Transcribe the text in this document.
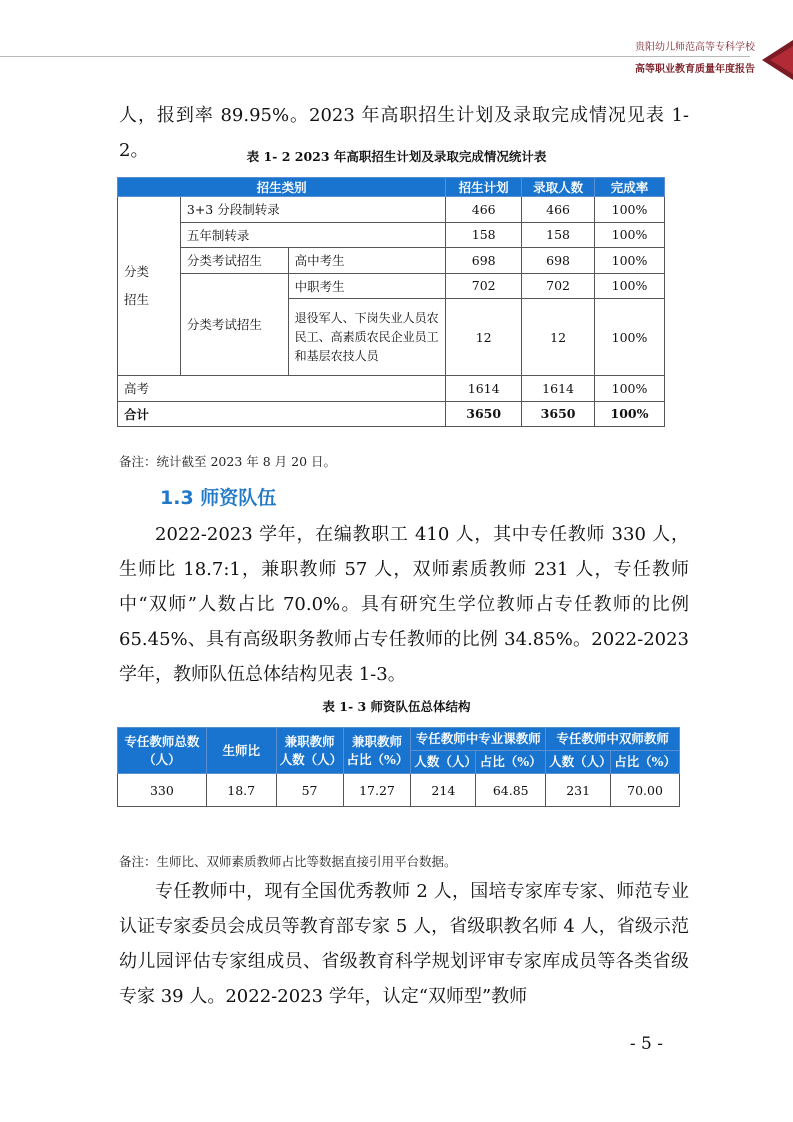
贵阳幼儿师范高等专科学校
高等职业教育质量年度报告
人，报到率 89.95%。2023 年高职招生计划及录取完成情况见表 1-2。	表 1- 2 2023 年高职招生计划及录取完成情况统计表
招生类别			招生计划	录取人数	完成率
分类
招生	3+3 分段制转录		466	466	100%
	五年制转录		158	158	100%
	分类考试招生	高中考生	698	698	100%
	分类考试招生	中职考生	702	702	100%
		退役军人、下岗失业人员农民工、高素质农民企业员工和基层农技人员	12	12	100%
高考			1614	1614	100%
合计			3650	3650	100%
备注：统计截至 2023 年 8 月 20 日。
1.3 师资队伍
2022-2023 学年，在编教职工 410 人，其中专任教师 330 人，生师比 18.7:1，兼职教师 57 人，双师素质教师 231 人，专任教师中“双师”人数占比 70.0%。具有研究生学位教师占专任教师的比例 65.45%、具有高级职务教师占专任教师的比例 34.85%。2022-2023 学年，教师队伍总体结构见表 1-3。
表 1- 3 师资队伍总体结构
专任教师总数（人）	生师比	兼职教师人数（人）	兼职教师占比（%）	专任教师中专业课教师		专任教师中双师教师	
				人数（人）	占比（%）	人数（人）	占比（%）
330	18.7	57	17.27	214	64.85	231	70.00
备注：生师比、双师素质教师占比等数据直接引用平台数据。
专任教师中，现有全国优秀教师 2 人，国培专家库专家、师范专业认证专家委员会成员等教育部专家 5 人，省级职教名师 4 人，省级示范幼儿园评估专家组成员、省级教育科学规划评审专家库成员等各类省级专家 39 人。2022-2023 学年，认定“双师型”教师
- 5 -
